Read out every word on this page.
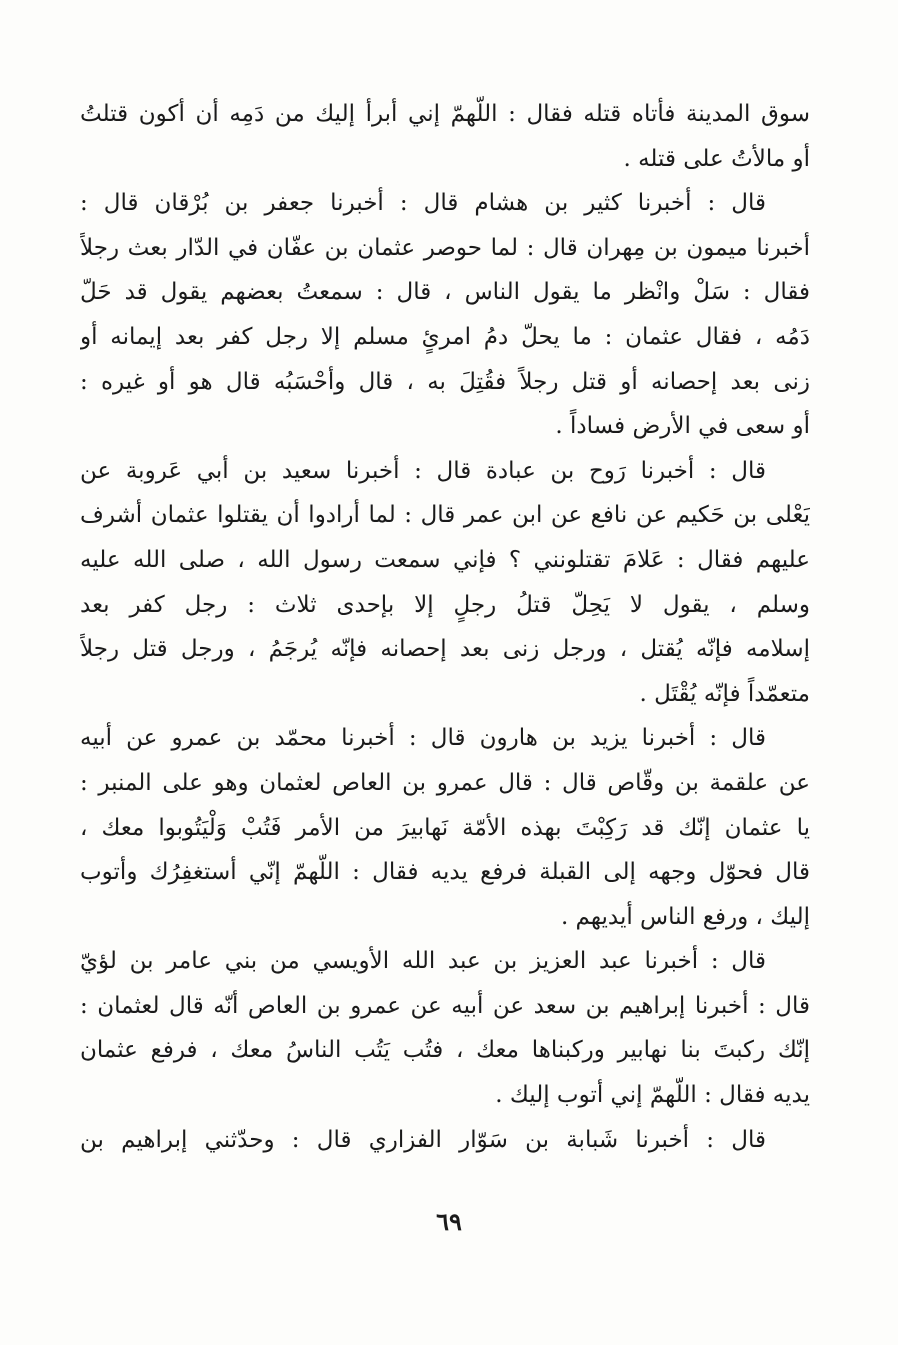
سوق المدينة فأتاه قتله فقال : اللّهمّ إني أبرأ إليك من دَمِه أن أكون قتلتُ
أو مالأتُ على قتله .
قال : أخبرنا كثير بن هشام قال : أخبرنا جعفر بن بُرْقان قال :
أخبرنا ميمون بن مِهران قال : لما حوصر عثمان بن عفّان في الدّار بعث رجلاً
فقال : سَلْ وانْظر ما يقول الناس ، قال : سمعتُ بعضهم يقول قد حَلّ
دَمُه ، فقال عثمان : ما يحلّ دمُ امرئٍ مسلم إلا رجل كفر بعد إيمانه أو
زنى بعد إحصانه أو قتل رجلاً فقُتِلَ به ، قال وأحْسَبُه قال هو أو غيره :
أو سعى في الأرض فساداً .
قال : أخبرنا رَوح بن عبادة قال : أخبرنا سعيد بن أبي عَروبة عن
يَعْلى بن حَكيم عن نافع عن ابن عمر قال : لما أرادوا أن يقتلوا عثمان أشرف
عليهم فقال : عَلامَ تقتلونني ؟ فإني سمعت رسول الله ، صلى الله عليه
وسلم ، يقول لا يَحِلّ قتلُ رجلٍ إلا بإحدى ثلاث : رجل كفر بعد
إسلامه فإنّه يُقتل ، ورجل زنى بعد إحصانه فإنّه يُرجَمُ ، ورجل قتل رجلاً
متعمّداً فإنّه يُقْتَل .
قال : أخبرنا يزيد بن هارون قال : أخبرنا محمّد بن عمرو عن أبيه
عن علقمة بن وقّاص قال : قال عمرو بن العاص لعثمان وهو على المنبر :
يا عثمان إنّك قد رَكِبْتَ بهذه الأمّة نَهابيرَ من الأمر فَتُبْ وَلْيَتُوبوا معك ،
قال فحوّل وجهه إلى القبلة فرفع يديه فقال : اللّهمّ إنّي أستغفِرُك وأتوب
إليك ، ورفع الناس أيديهم .
قال : أخبرنا عبد العزيز بن عبد الله الأويسي من بني عامر بن لؤيّ
قال : أخبرنا إبراهيم بن سعد عن أبيه عن عمرو بن العاص أنّه قال لعثمان :
إنّك ركبتَ بنا نهابير وركبناها معك ، فتُب يَتُب الناسُ معك ، فرفع عثمان
يديه فقال : اللّهمّ إني أتوب إليك .
قال : أخبرنا شَبابة بن سَوّار الفزاري قال : وحدّثني إبراهيم بن
٦٩
